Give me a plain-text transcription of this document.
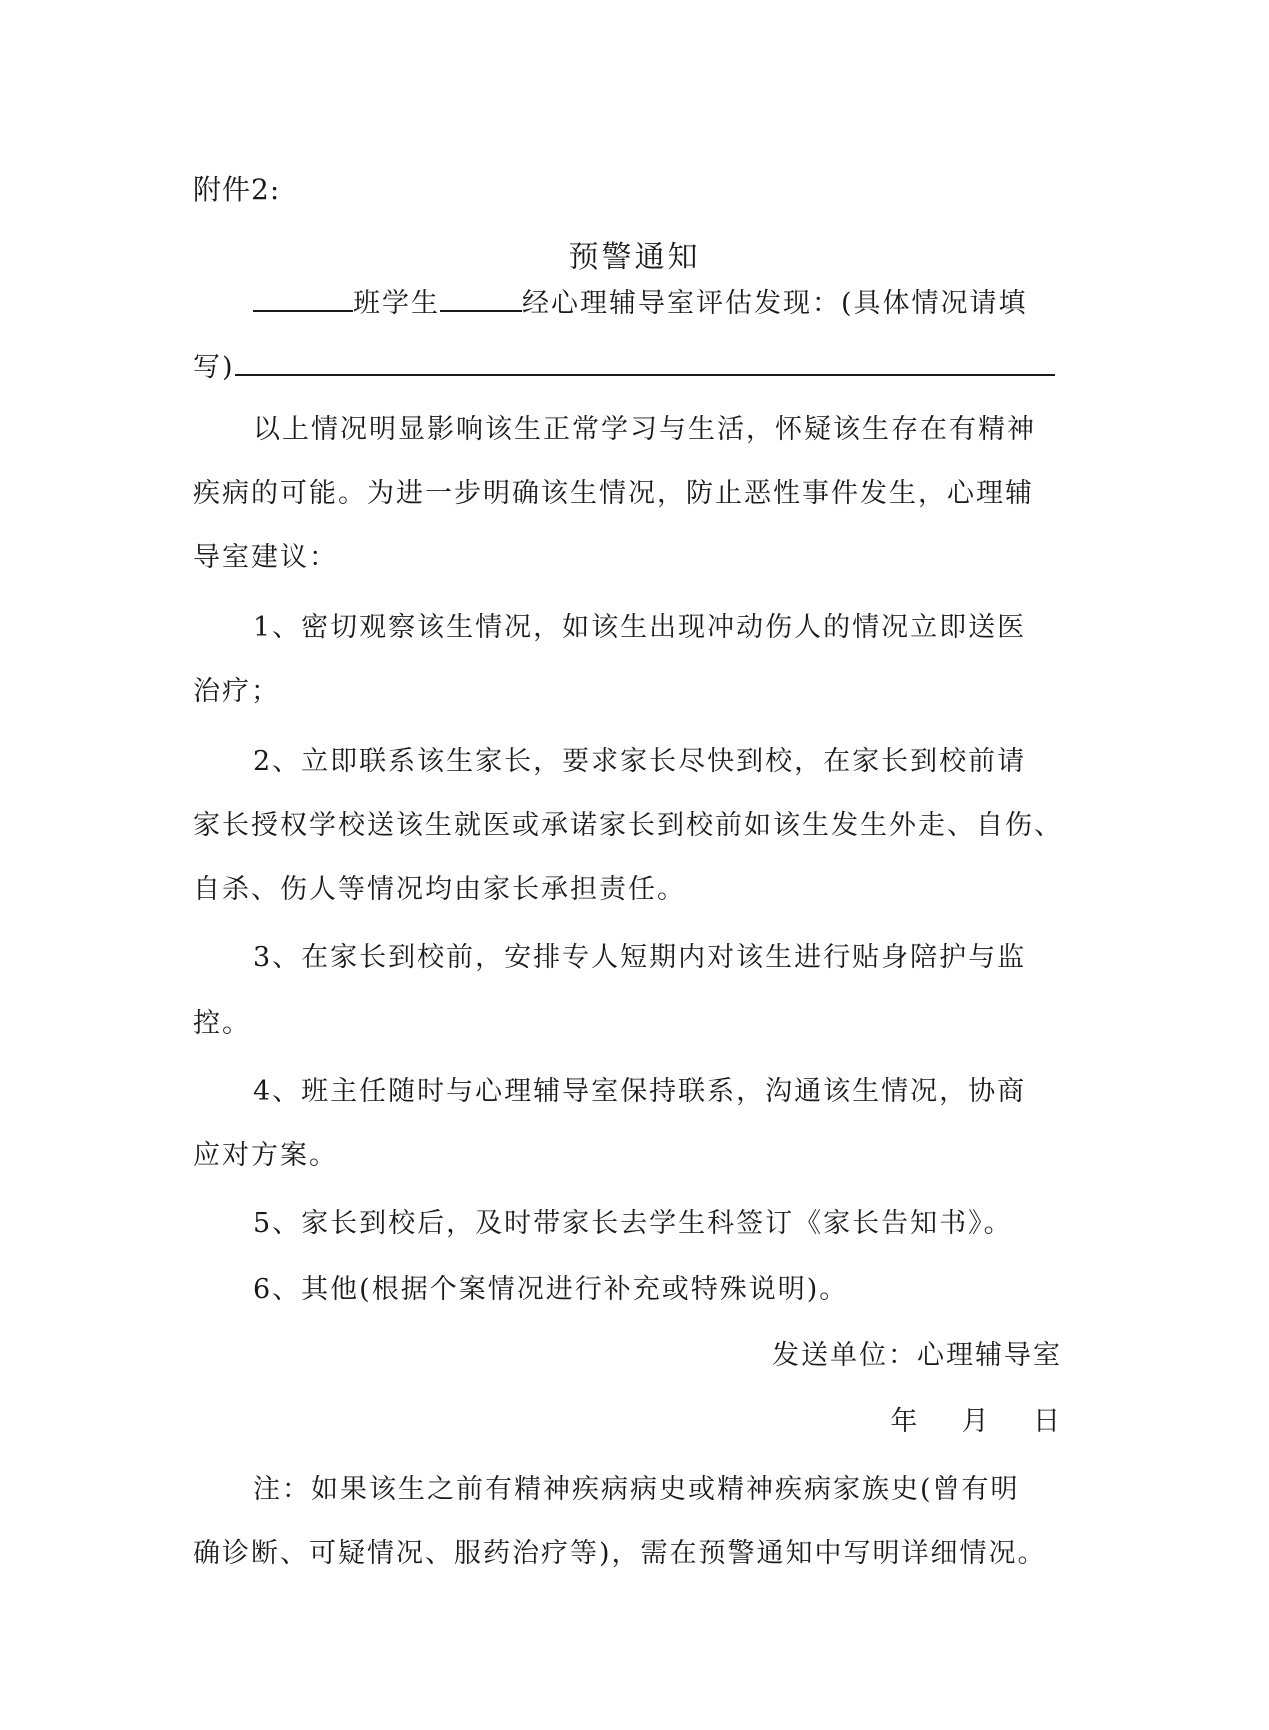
附件2:
预警通知
班学生	经心理辅导室评估发现：(具体情况请填
写)
以上情况明显影响该生正常学习与生活，怀疑该生存在有精神
疾病的可能。为进一步明确该生情况，防止恶性事件发生，心理辅
导室建议：
1、密切观察该生情况，如该生出现冲动伤人的情况立即送医
治疗；
2、立即联系该生家长，要求家长尽快到校，在家长到校前请
家长授权学校送该生就医或承诺家长到校前如该生发生外走、自伤、
自杀、伤人等情况均由家长承担责任。
3、在家长到校前，安排专人短期内对该生进行贴身陪护与监
控。
4、班主任随时与心理辅导室保持联系，沟通该生情况，协商
应对方案。
5、家长到校后，及时带家长去学生科签订《家长告知书》。
6、其他(根据个案情况进行补充或特殊说明)。
发送单位：心理辅导室
年    月    日
注：如果该生之前有精神疾病病史或精神疾病家族史(曾有明
确诊断、可疑情况、服药治疗等)，需在预警通知中写明详细情况。
